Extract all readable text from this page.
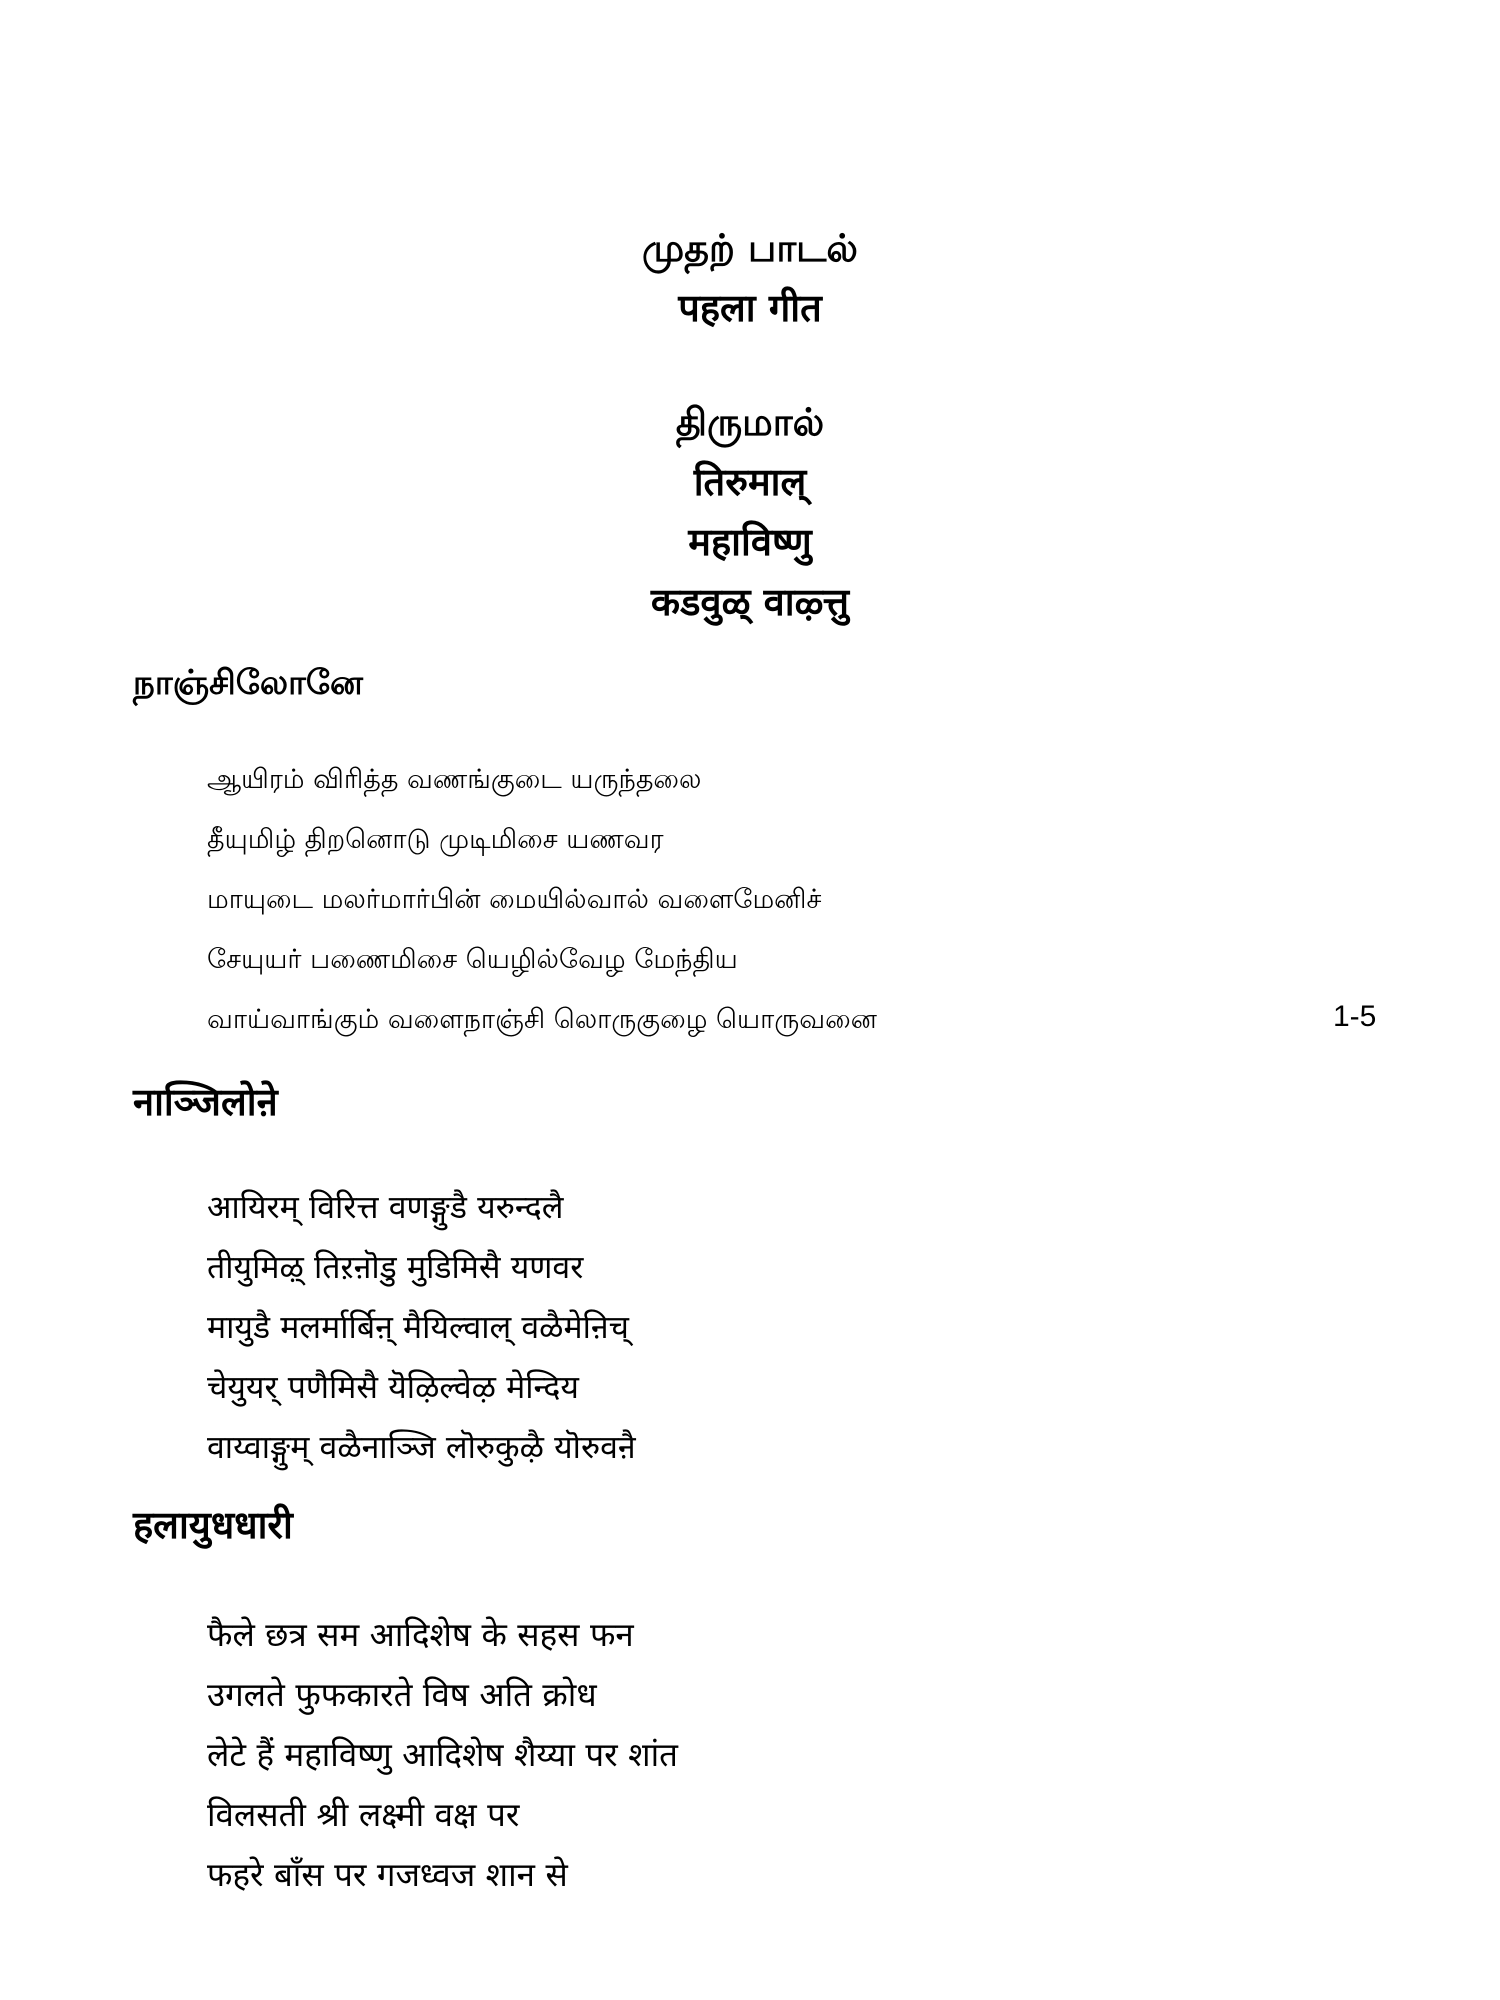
முதற் பாடல்
पहला गीत
திருமால்
तिरुमाल्
महाविष्णु
कडवुळ् वाऴ्त्तु
நாஞ்சிலோனே
ஆயிரம் விரித்த வணங்குடை யருந்தலை
தீயுமிழ் திறனொடு முடிமிசை யணவர
மாயுடை மலர்மார்பின் மையில்வால் வளைமேனிச்
சேயுயர் பணைமிசை யெழில்வேழ மேந்திய
வாய்வாங்கும் வளைநாஞ்சி லொருகுழை யொருவனை	1-5
नाञ्जिलोऩे
आयिरम् विरित्त वणङ्गुडै यरुन्दलै
तीयुमिऴ् तिऱऩॊडु मुडिमिसै यणवर
मायुडै मलर्मार्बिऩ् मैयिल्वाल् वळैमेऩिच्
चेयुयर् पणैमिसै यॆऴिल्वेऴ मेन्दिय
वाय्वाङ्गुम् वळैनाञ्जि लॊरुकुऴै यॊरुवऩै
हलायुधधारी
फैले छत्र सम आदिशेष के सहस फन
उगलते फुफकारते विष अति क्रोध
लेटे हैं महाविष्णु आदिशेष शैय्या पर शांत
विलसती श्री लक्ष्मी वक्ष पर
फहरे बाँस पर गजध्वज शान से
